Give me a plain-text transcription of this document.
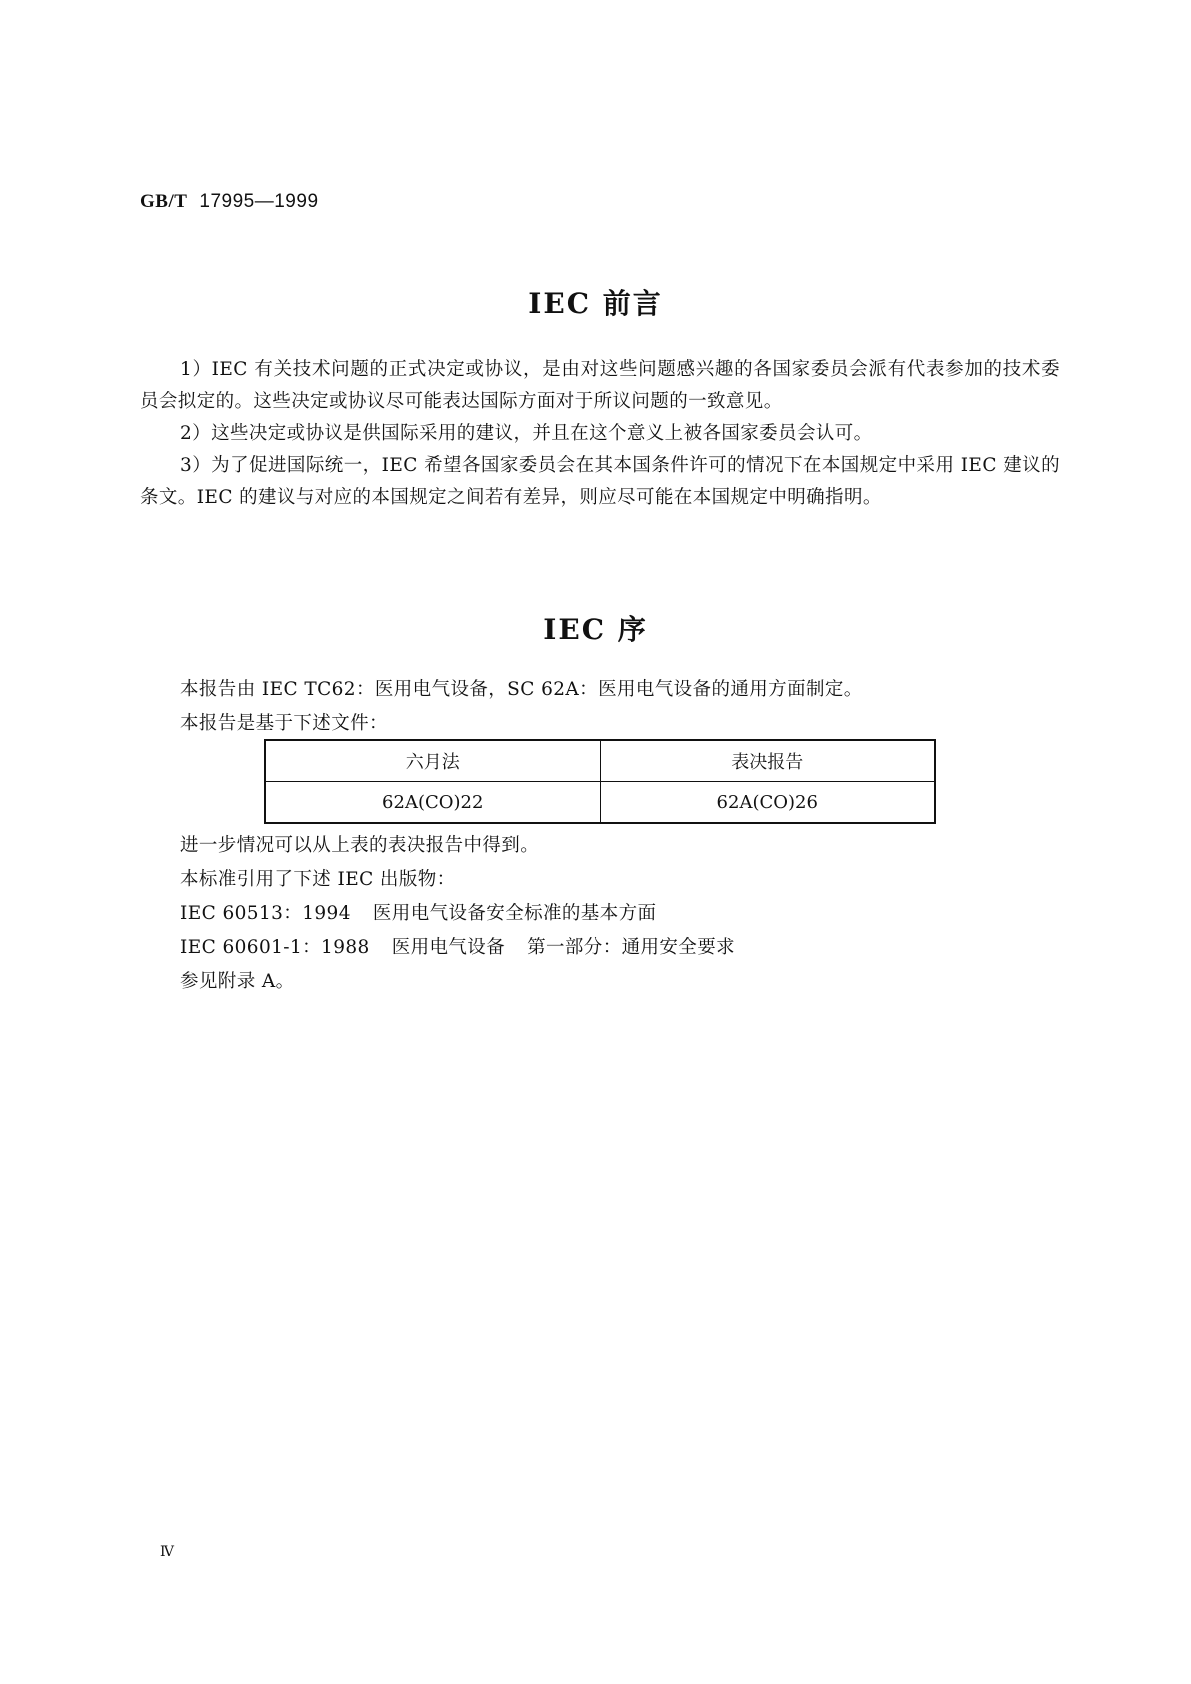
GB/T 17995—1999
IEC 前言
1）IEC 有关技术问题的正式决定或协议，是由对这些问题感兴趣的各国家委员会派有代表参加的技术委员会拟定的。这些决定或协议尽可能表达国际方面对于所议问题的一致意见。
2）这些决定或协议是供国际采用的建议，并且在这个意义上被各国家委员会认可。
3）为了促进国际统一，IEC 希望各国家委员会在其本国条件许可的情况下在本国规定中采用 IEC 建议的条文。IEC 的建议与对应的本国规定之间若有差异，则应尽可能在本国规定中明确指明。
IEC 序
本报告由 IEC TC62：医用电气设备，SC 62A：医用电气设备的通用方面制定。
本报告是基于下述文件：
六月法	表决报告
62A(CO)22	62A(CO)26
进一步情况可以从上表的表决报告中得到。
本标准引用了下述 IEC 出版物：
IEC 60513：1994 医用电气设备安全标准的基本方面
IEC 60601-1：1988 医用电气设备 第一部分：通用安全要求
参见附录 A。
Ⅳ
